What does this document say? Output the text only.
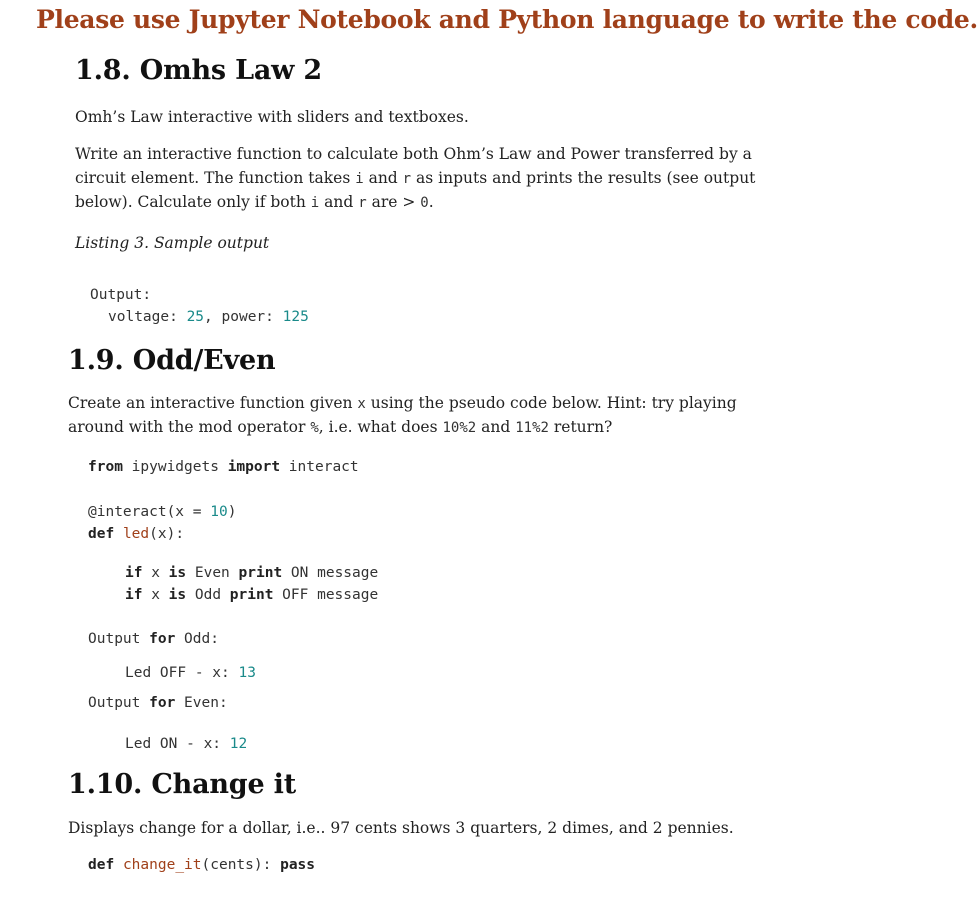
Please use Jupyter Notebook and Python language to write the code.
1.8. Omhs Law 2
Omh’s Law interactive with sliders and textboxes.
Write an interactive function to calculate both Ohm’s Law and Power transferred by a
circuit element. The function takes i and r as inputs and prints the results (see output
below). Calculate only if both i and r are > 0.
Listing 3. Sample output
Output:
voltage: 25, power: 125
1.9. Odd/Even
Create an interactive function given x using the pseudo code below. Hint: try playing
around with the mod operator %, i.e. what does 10%2 and 11%2 return?
from ipywidgets import interact
@interact(x = 10)
def led(x):
if x is Even print ON message
if x is Odd print OFF message
Output for Odd:
Led OFF - x: 13
Output for Even:
Led ON - x: 12
1.10. Change it
Displays change for a dollar, i.e.. 97 cents shows 3 quarters, 2 dimes, and 2 pennies.
def change_it(cents): pass
